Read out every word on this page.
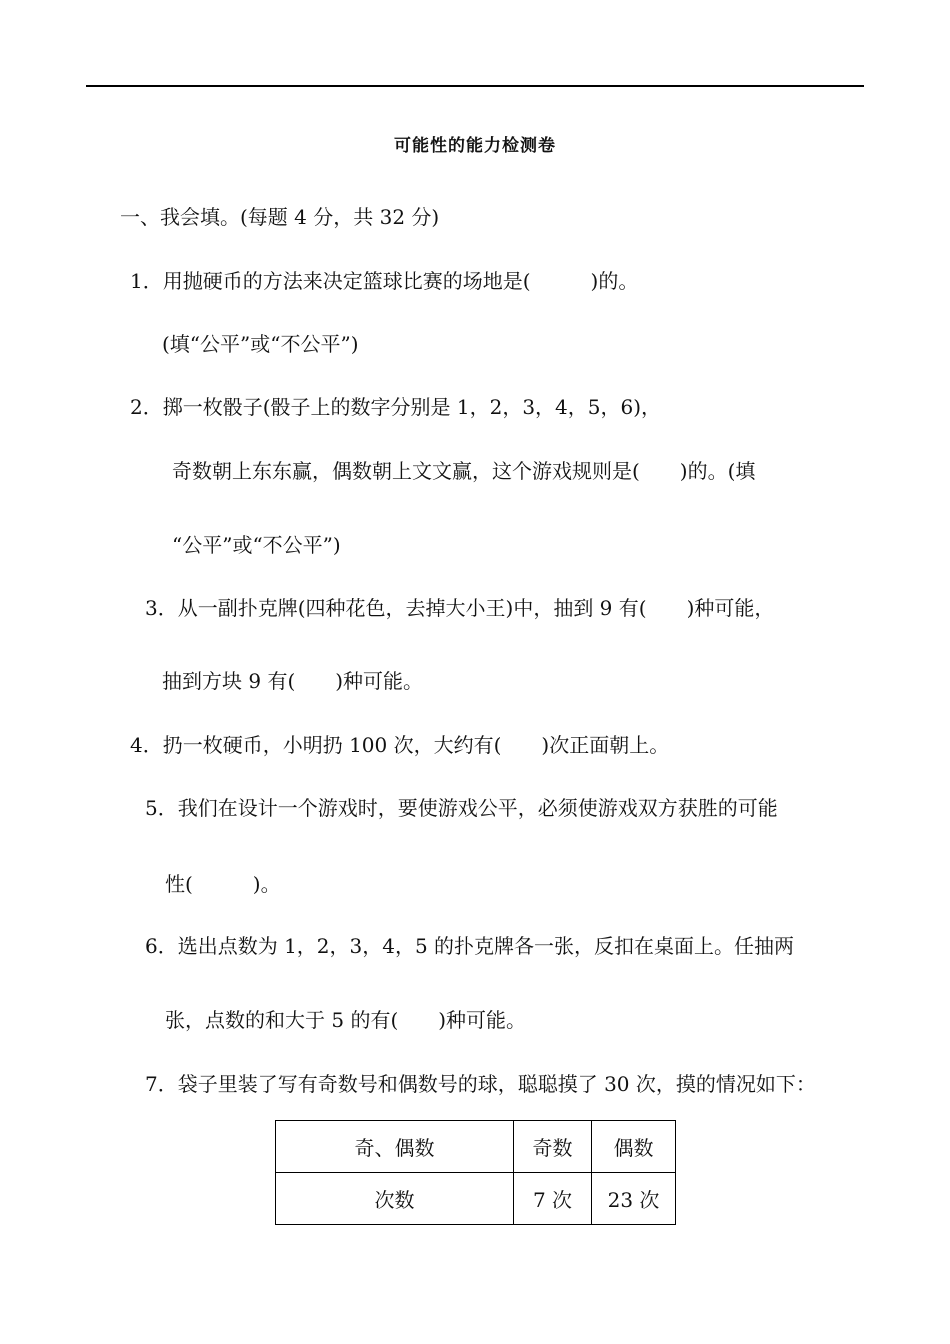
可能性的能力检测卷
一、我会填。(每题 4 分，共 32 分)
1．用抛硬币的方法来决定篮球比赛的场地是(　　　)的。
(填“公平”或“不公平”)
2．掷一枚骰子(骰子上的数字分别是 1，2，3，4，5，6)，
奇数朝上东东赢，偶数朝上文文赢，这个游戏规则是(　　)的。(填
“公平”或“不公平”)
3．从一副扑克牌(四种花色，去掉大小王)中，抽到 9 有(　　)种可能，
抽到方块 9 有(　　)种可能。
4．扔一枚硬币，小明扔 100 次，大约有(　　)次正面朝上。
5．我们在设计一个游戏时，要使游戏公平，必须使游戏双方获胜的可能
性(　　　)。
6．选出点数为 1，2，3，4，5 的扑克牌各一张，反扣在桌面上。任抽两
张，点数的和大于 5 的有(　　)种可能。
7．袋子里装了写有奇数号和偶数号的球，聪聪摸了 30 次，摸的情况如下：
奇、偶数	奇数	偶数
次数	7 次	23 次
